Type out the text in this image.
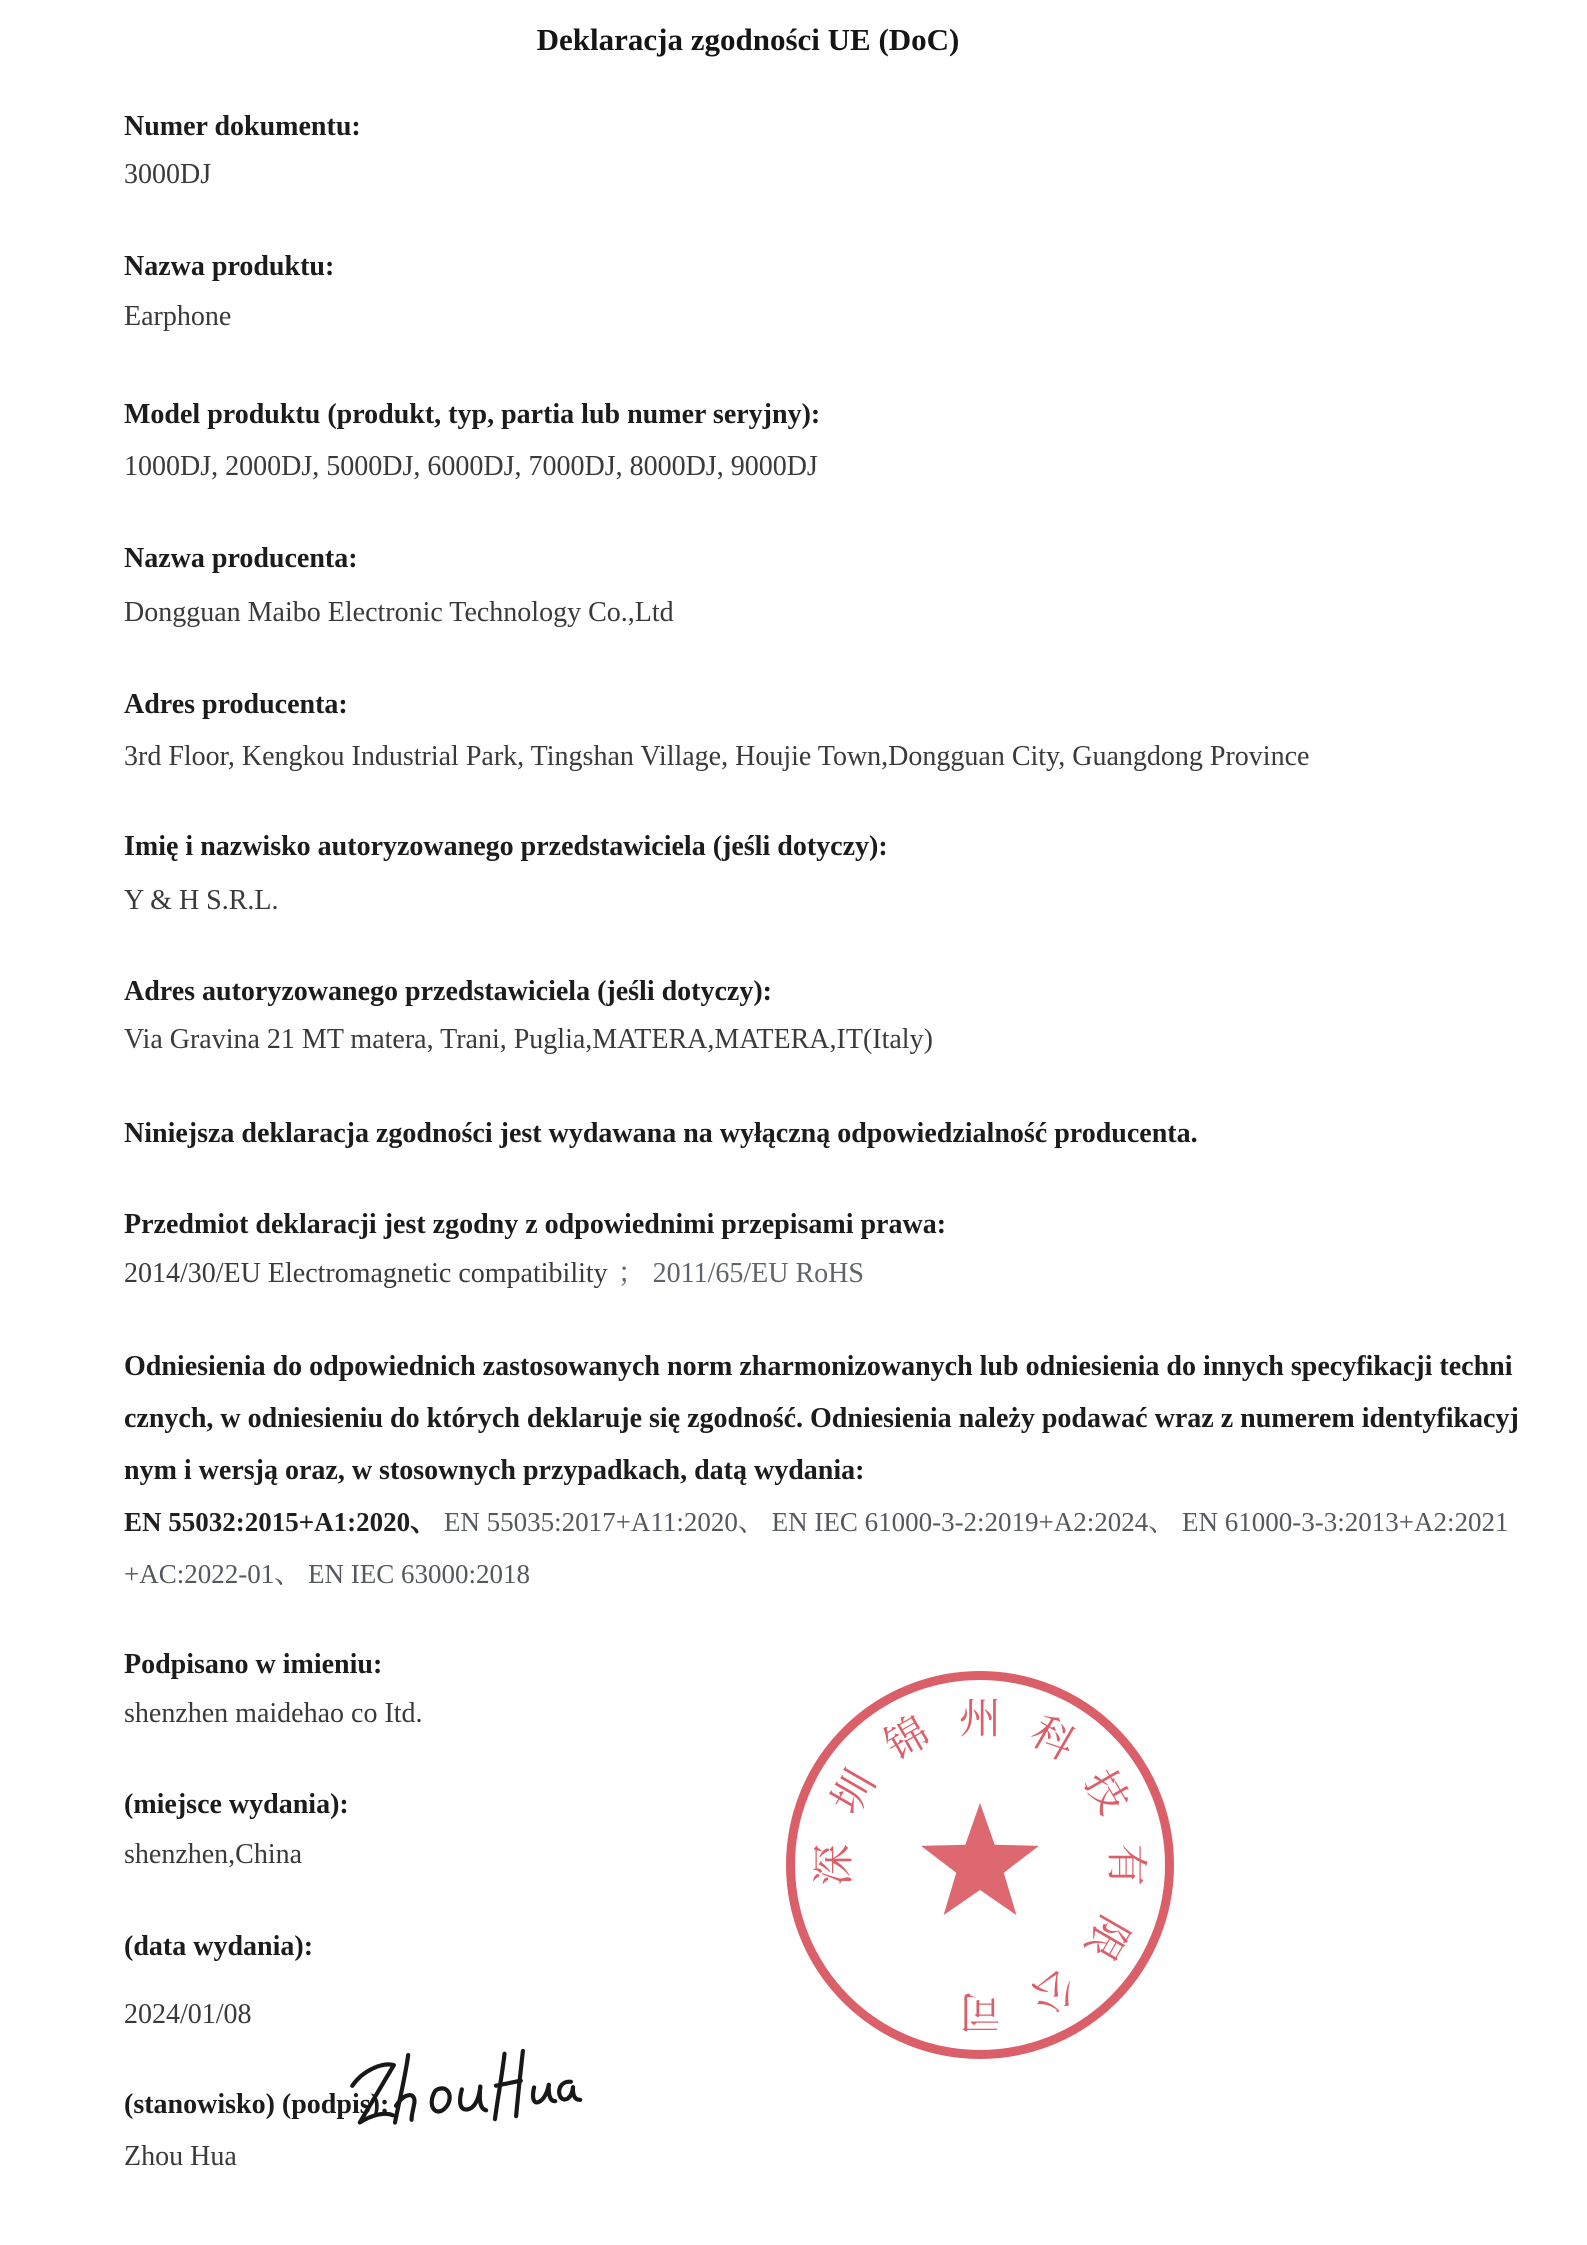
Deklaracja zgodności UE (DoC)
Numer dokumentu:
3000DJ
Nazwa produktu:
Earphone
Model produktu (produkt, typ, partia lub numer seryjny):
1000DJ, 2000DJ, 5000DJ, 6000DJ, 7000DJ, 8000DJ, 9000DJ
Nazwa producenta:
Dongguan Maibo Electronic Technology Co.,Ltd
Adres producenta:
3rd Floor, Kengkou Industrial Park, Tingshan Village, Houjie Town,Dongguan City, Guangdong Province
Imię i nazwisko autoryzowanego przedstawiciela (jeśli dotyczy):
Y & H S.R.L.
Adres autoryzowanego przedstawiciela (jeśli dotyczy):
Via Gravina 21 MT matera, Trani, Puglia,MATERA,MATERA,IT(Italy)
Niniejsza deklaracja zgodności jest wydawana na wyłączną odpowiedzialność producenta.
Przedmiot deklaracji jest zgodny z odpowiednimi przepisami prawa:
2014/30/EU Electromagnetic compatibility ； 2011/65/EU RoHS
Odniesienia do odpowiednich zastosowanych norm zharmonizowanych lub odniesienia do innych specyfikacji technicznych, w odniesieniu do których deklaruje się zgodność. Odniesienia należy podawać wraz z numerem identyfikacyjnym i wersją oraz, w stosownych przypadkach, datą wydania:
EN 55032:2015+A1:2020、 EN 55035:2017+A11:2020、 EN IEC 61000-3-2:2019+A2:2024、 EN 61000-3-3:2013+A2:2021+AC:2022-01、 EN IEC 63000:2018
Podpisano w imieniu:
shenzhen maidehao co Itd.
(miejsce wydania):
shenzhen,China
(data wydania):
2024/01/08
(stanowisko) (podpis):
Zhou Hua
深
圳
锦 州 科
技
有
限
公
司
